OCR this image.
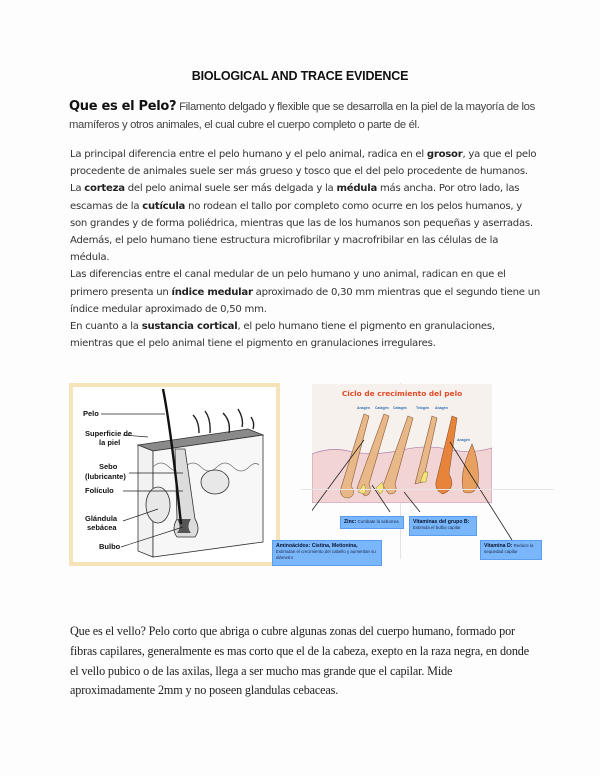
BIOLOGICAL AND TRACE EVIDENCE
Que es el Pelo? Filamento delgado y flexible que se desarrolla en la piel de la mayoría de los mamíferos y otros animales, el cual cubre el cuerpo completo o parte de él.

La principal diferencia entre el pelo humano y el pelo animal, radica en el grosor, ya que el pelo procedente de animales suele ser más grueso y tosco que el del pelo procedente de humanos.

La corteza del pelo animal suele ser más delgada y la médula más ancha. Por otro lado, las escamas de la cutícula no rodean el tallo por completo como ocurre en los pelos humanos, y son grandes y de forma poliédrica, mientras que las de los humanos son pequeñas y aserradas. Además, el pelo humano tiene estructura microfibrilar y macrofribilar en las células de la médula.

Las diferencias entre el canal medular de un pelo humano y uno animal, radican en que el primero presenta un índice medular aproximado de 0,30 mm mientras que el segundo tiene un índice medular aproximado de 0,50 mm.

En cuanto a la sustancia cortical, el pelo humano tiene el pigmento en granulaciones, mientras que el pelo animal tiene el pigmento en granulaciones irregulares.

Pelo
Superficie de
la piel
Sebo
(lubricante)
Folículo
Glándula
sebácea
Bulbo
Ciclo de crecimiento del pelo
Anagén Catagén Catagén	Telogén Anagén
Anagén
Zinc: Combate la seborrea	Vitaminas del grupo B:
Estimula el bulbo capilar
Aminoácidos: Cistina, Metionina,
Estimulan el crecimiento del cabello y aumentan su diámetro
Vitamina D: Reduce la sequedad capilar
Que es el vello? Pelo corto que abriga o cubre algunas zonas del cuerpo humano, formado por fibras capilares, generalmente es mas corto que el de la cabeza, exepto en la raza negra, en donde el vello pubico o de las axilas, llega a ser mucho mas grande que el capilar. Mide aproximadamente 2mm y no poseen glandulas cebaceas.
